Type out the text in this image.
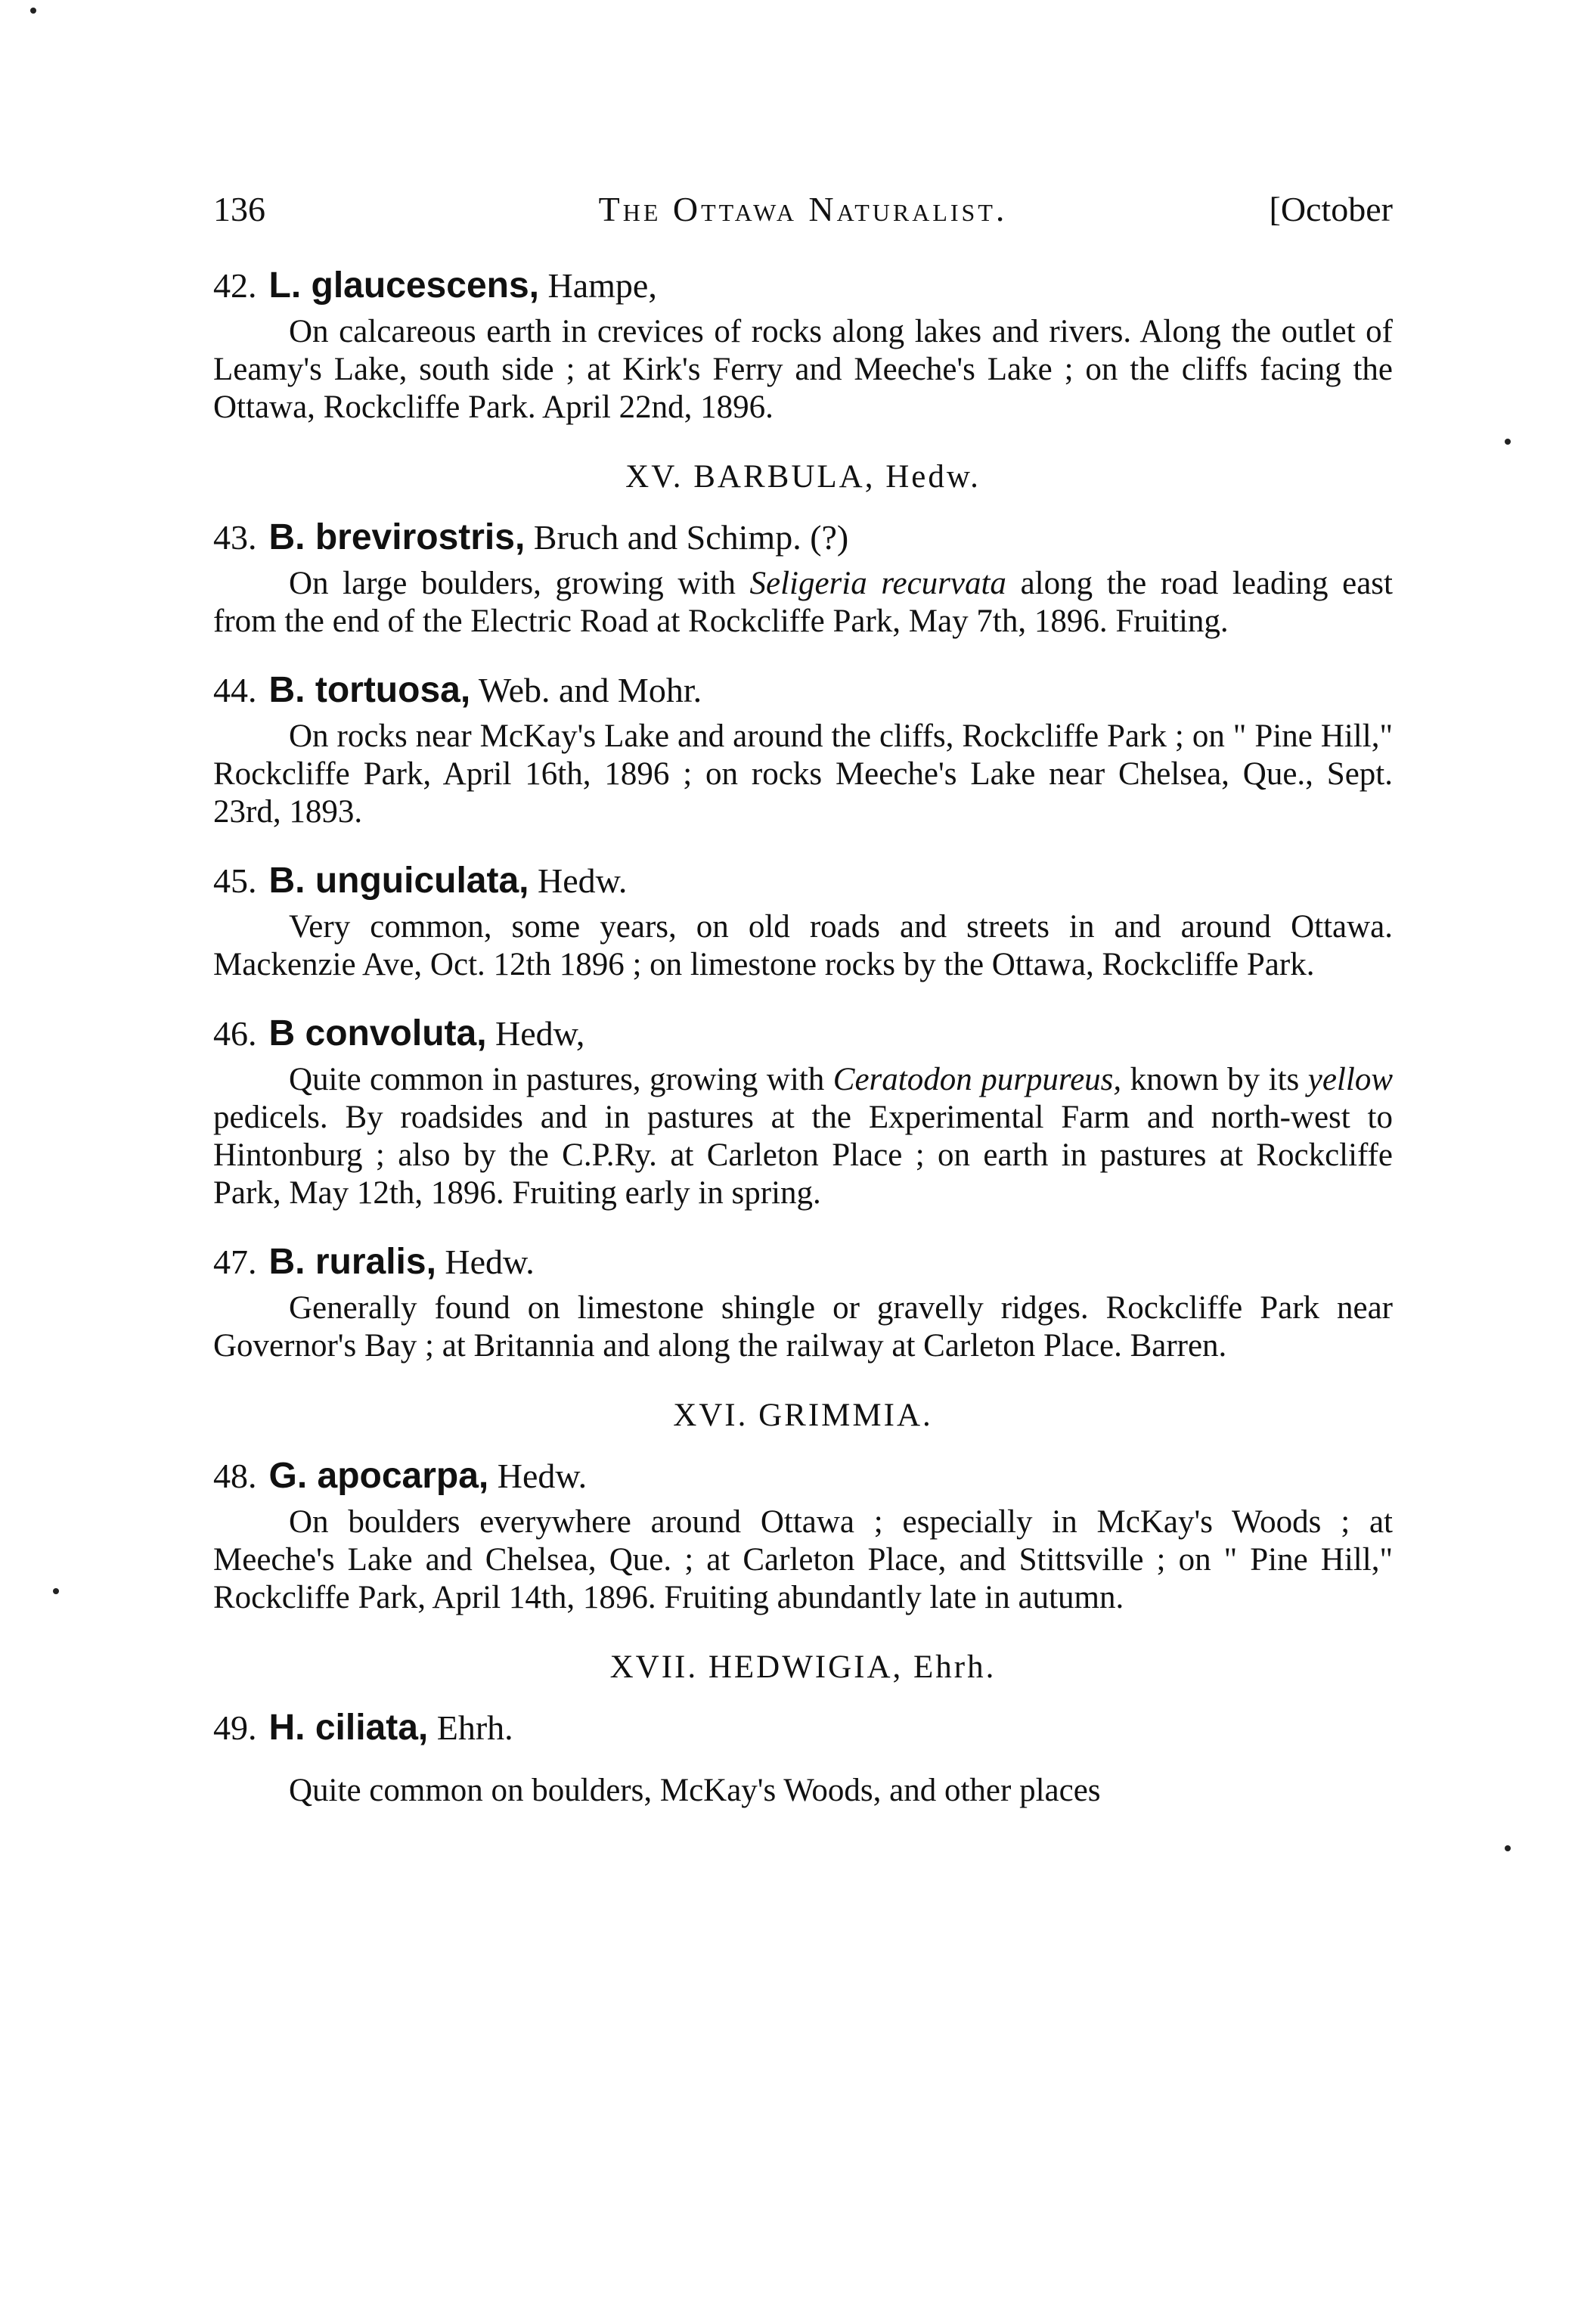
136	The Ottawa Naturalist.	[October
42. L. glaucescens, Hampe,
On calcareous earth in crevices of rocks along lakes and rivers. Along the outlet of Leamy's Lake, south side ; at Kirk's Ferry and Meeche's Lake ; on the cliffs facing the Ottawa, Rockcliffe Park. April 22nd, 1896.
XV. BARBULA, Hedw.
43. B. brevirostris, Bruch and Schimp. (?)
On large boulders, growing with Seligeria recurvata along the road leading east from the end of the Electric Road at Rockcliffe Park, May 7th, 1896. Fruiting.
44. B. tortuosa, Web. and Mohr.
On rocks near McKay's Lake and around the cliffs, Rockcliffe Park ; on " Pine Hill," Rockcliffe Park, April 16th, 1896 ; on rocks Meeche's Lake near Chelsea, Que., Sept. 23rd, 1893.
45. B. unguiculata, Hedw.
Very common, some years, on old roads and streets in and around Ottawa. Mackenzie Ave, Oct. 12th 1896 ; on limestone rocks by the Ottawa, Rockcliffe Park.
46. B convoluta, Hedw,
Quite common in pastures, growing with Ceratodon purpureus, known by its yellow pedicels. By roadsides and in pastures at the Experimental Farm and north-west to Hintonburg ; also by the C.P.Ry. at Carleton Place ; on earth in pastures at Rockcliffe Park, May 12th, 1896. Fruiting early in spring.
47. B. ruralis, Hedw.
Generally found on limestone shingle or gravelly ridges. Rockcliffe Park near Governor's Bay ; at Britannia and along the railway at Carleton Place. Barren.
XVI. GRIMMIA.
48. G. apocarpa, Hedw.
On boulders everywhere around Ottawa ; especially in McKay's Woods ; at Meeche's Lake and Chelsea, Que. ; at Carleton Place, and Stittsville ; on " Pine Hill," Rockcliffe Park, April 14th, 1896. Fruiting abundantly late in autumn.
XVII. HEDWIGIA, Ehrh.
49. H. ciliata, Ehrh.
Quite common on boulders, McKay's Woods, and other places
